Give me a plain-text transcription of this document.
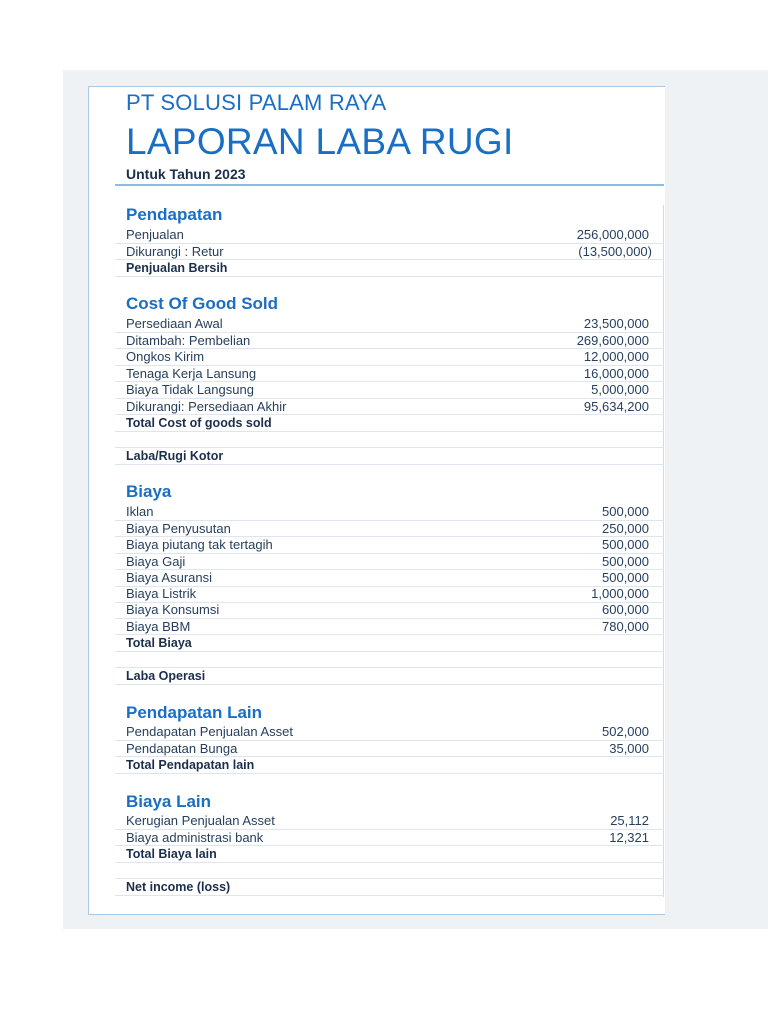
PT SOLUSI PALAM RAYA
LAPORAN LABA RUGI
Untuk Tahun 2023
Pendapatan
Penjualan	256,000,000
Dikurangi : Retur	(13,500,000)
Penjualan Bersih
Cost Of Good Sold
Persediaan Awal	23,500,000
Ditambah: Pembelian	269,600,000
Ongkos Kirim	12,000,000
Tenaga Kerja Lansung	16,000,000
Biaya Tidak Langsung	5,000,000
Dikurangi: Persediaan Akhir	95,634,200
Total Cost of goods sold
Laba/Rugi Kotor
Biaya
Iklan	500,000
Biaya Penyusutan	250,000
Biaya piutang tak tertagih	500,000
Biaya Gaji	500,000
Biaya Asuransi	500,000
Biaya Listrik	1,000,000
Biaya Konsumsi	600,000
Biaya BBM	780,000
Total Biaya
Laba Operasi
Pendapatan Lain
Pendapatan Penjualan Asset	502,000
Pendapatan Bunga	35,000
Total Pendapatan lain
Biaya Lain
Kerugian Penjualan Asset	25,112
Biaya administrasi bank	12,321
Total Biaya lain
Net income (loss)
